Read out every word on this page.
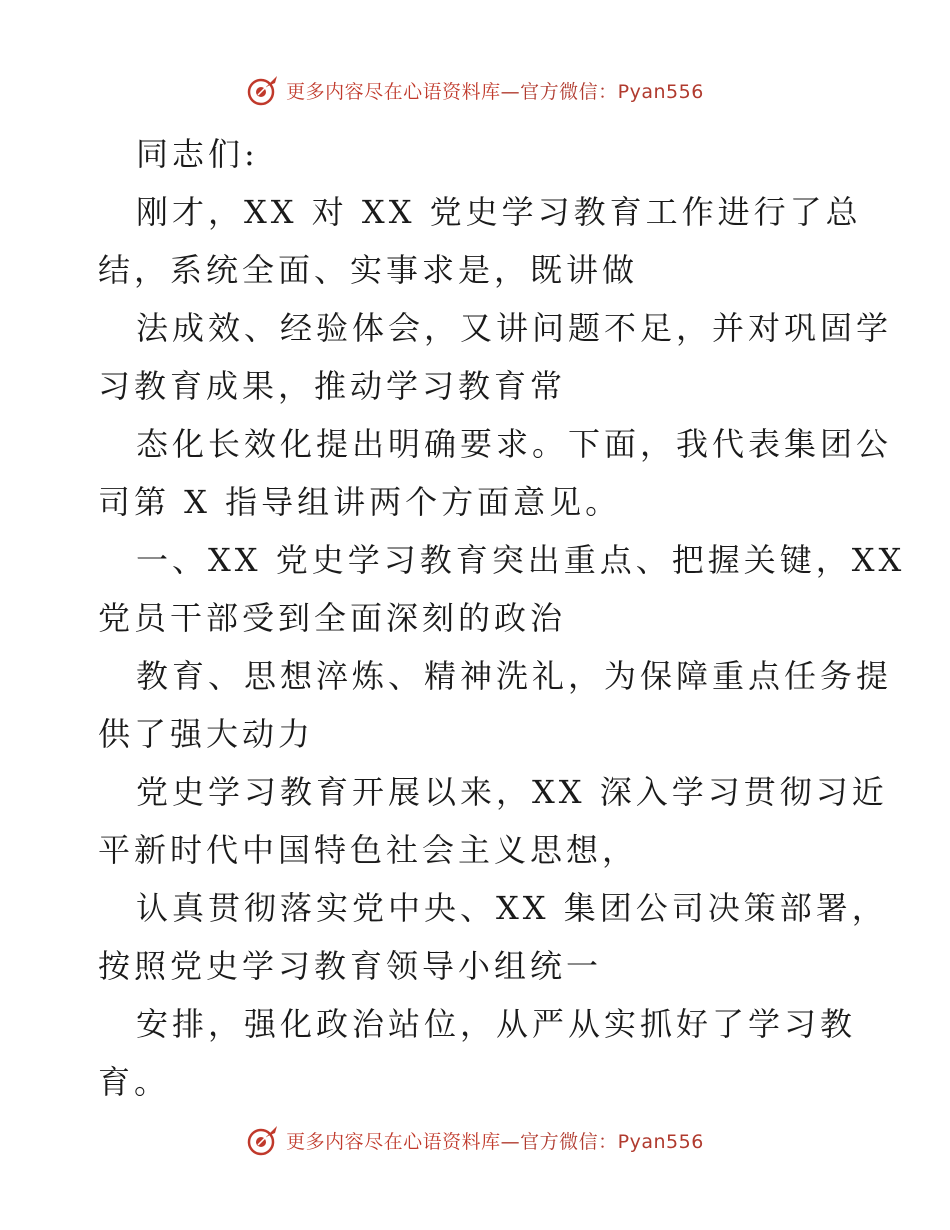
更多内容尽在心语资料库—官方微信：Pyan556
同志们:
刚才，XX 对 XX 党史学习教育工作进行了总
结，系统全面、实事求是，既讲做
法成效、经验体会，又讲问题不足，并对巩固学
习教育成果，推动学习教育常
态化长效化提出明确要求。下面，我代表集团公
司第 X 指导组讲两个方面意见。
一、XX 党史学习教育突出重点、把握关键，XX
党员干部受到全面深刻的政治
教育、思想淬炼、精神洗礼，为保障重点任务提
供了强大动力
党史学习教育开展以来，XX 深入学习贯彻习近
平新时代中国特色社会主义思想，
认真贯彻落实党中央、XX 集团公司决策部署，
按照党史学习教育领导小组统一
安排，强化政治站位，从严从实抓好了学习教
育。
更多内容尽在心语资料库—官方微信：Pyan556
